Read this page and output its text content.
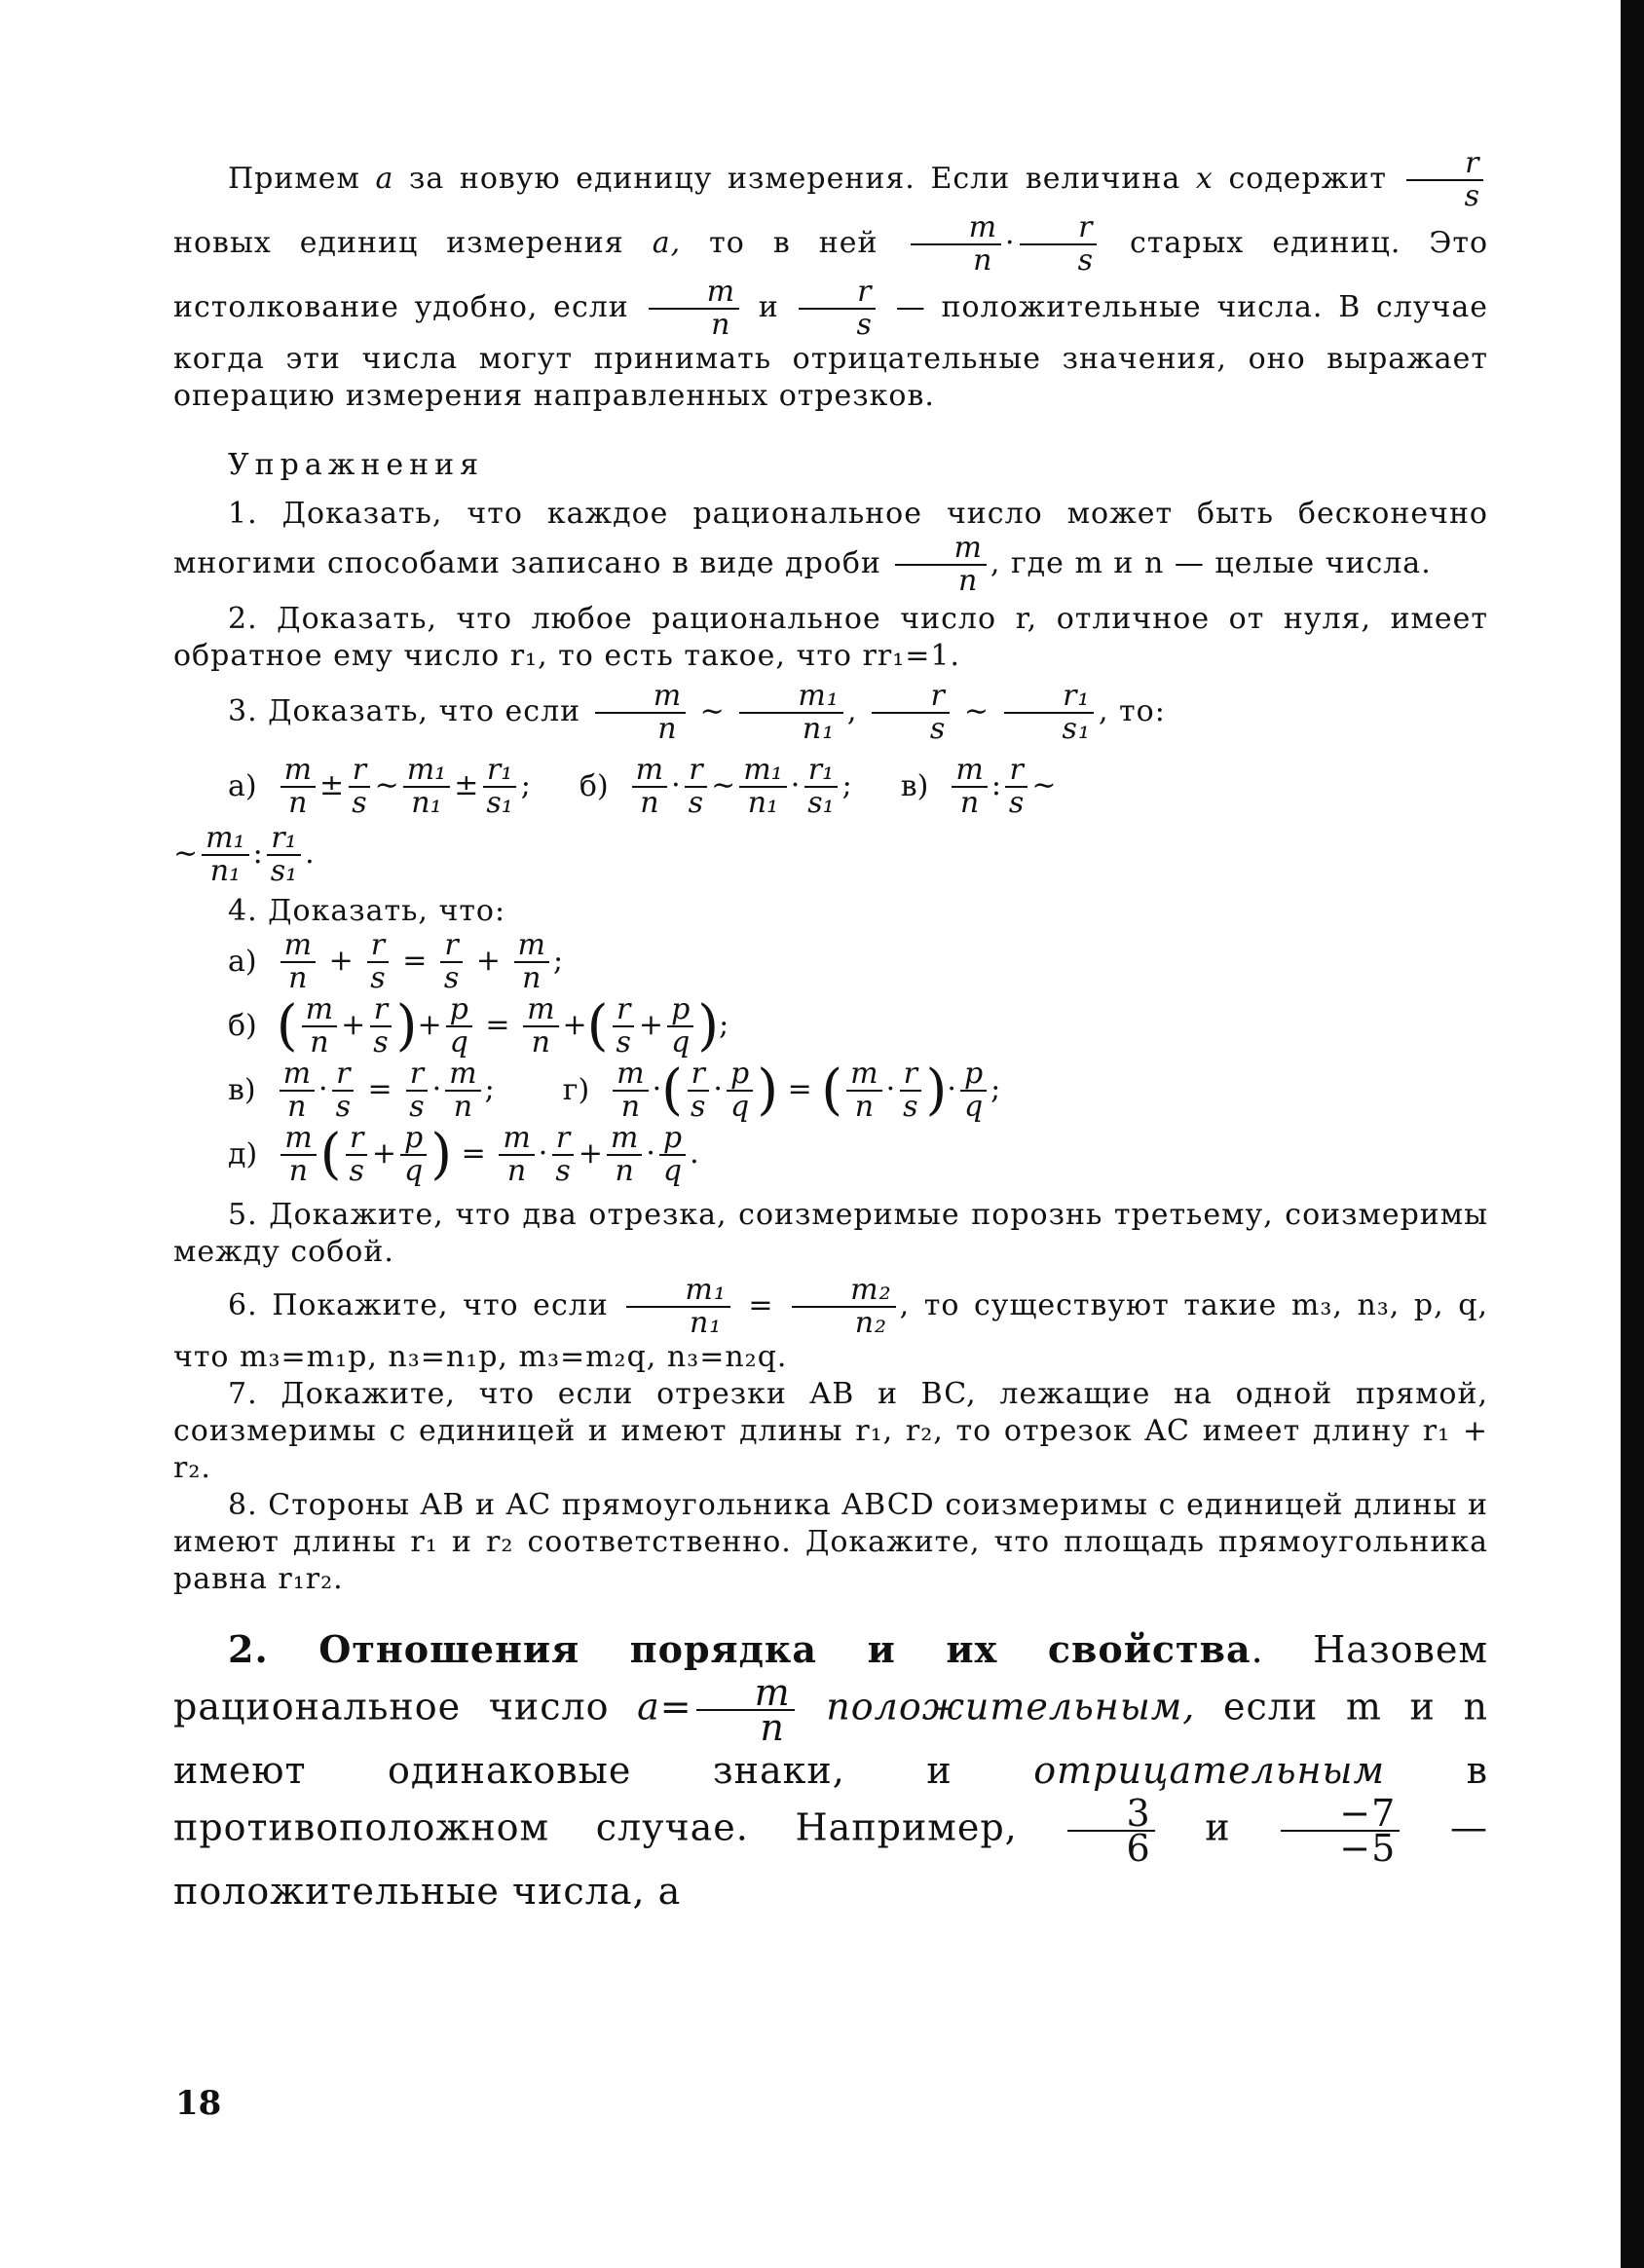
Примем a за новую единицу измерения. Если величина x содержит $\frac{r}{s}$
новых единиц измерения a, то в ней $\frac{m}{n} \cdot \frac{r}{s}$ старых единиц. Это истолкование удобно, если $\frac{m}{n}$ и $\frac{r}{s}$ — положительные числа. В случае когда эти числа могут принимать отрицательные значения, оно выражает операцию измерения направленных отрезков.

Упражнения

1. Доказать, что каждое рациональное число может быть бесконечно многими способами записано в виде дроби $\frac{m}{n}$ , где m и n — целые числа.

2. Доказать, что любое рациональное число r, отличное от нуля, имеет обратное ему число r₁, то есть такое, что rr₁=1.

3. Доказать, что если $\frac{m}{n}$ ∼ $\frac{\text{m₁}}{\text{n₁}}$ , $\frac{r}{s}$ ∼ $\frac{\text{r₁}}{\text{s₁}}$ , то:

$а) \frac{m}{n} \pm \frac{r}{s}$ ∼ $\frac{\text{m₁}}{\text{n₁}} \pm \frac{\text{r₁}}{\text{s₁}}$ ; $б) \frac{m}{n} \cdot \frac{r}{s}$ ∼ $\frac{\text{m₁}}{\text{n₁}} \cdot \frac{\text{r₁}}{\text{s₁}}$ ; $в) \frac{m}{n}$ : $\frac{r}{s}$ ∼
∼ $\frac{\text{m₁}}{\text{n₁}}$ : $\frac{\text{r₁}}{\text{s₁}}$ .

4. Доказать, что:

$а) \frac{m}{n} + \frac{r}{s} = \frac{r}{s} + \frac{m}{n}$ ;
б) ( $\frac{m}{n} + \frac{r}{s}$ )+ $\frac{p}{q} = \frac{m}{n}$ +( $\frac{r}{s} + \frac{p}{q}$ );
$в) \frac{m}{n} \cdot \frac{r}{s} = \frac{r}{s} \cdot \frac{m}{n}$ ; $г) \frac{m}{n}$ ·( $\frac{r}{s} \cdot \frac{p}{q}$ ) = ( $\frac{m}{n} \cdot \frac{r}{s}$ )· $\frac{p}{q}$ ;
$д) \frac{m}{n}$ ( $\frac{r}{s} + \frac{p}{q}$ ) = $\frac{m}{n} \cdot \frac{r}{s} + \frac{m}{n} \cdot \frac{p}{q}$ .

5. Докажите, что два отрезка, соизмеримые порознь третьему, соизмеримы между собой.

6. Покажите, что если $\frac{\text{m₁}}{\text{n₁}} = \frac{\text{m₂}}{\text{n₂}}$ , то существуют такие m₃, n₃, p, q, что m₃=m₁p, n₃=n₁p, m₃=m₂q, n₃=n₂q.

7. Докажите, что если отрезки AB и BC, лежащие на одной прямой, соизмеримы с единицей и имеют длины r₁, r₂, то отрезок AC имеет длину r₁ + r₂.

8. Стороны AB и AC прямоугольника ABCD соизмеримы с единицей длины и имеют длины r₁ и r₂ соответственно. Докажите, что площадь прямоугольника равна r₁r₂.

2. Отношения порядка и их свойства. Назовем рациональное число $a= \frac{m}{n}$ положительным, если m и n имеют одинаковые знаки, и отрицательным в противоположном случае. Например, $\frac{3}{6}$ и $\frac{-7}{-5}$ — положительные числа, а

18
